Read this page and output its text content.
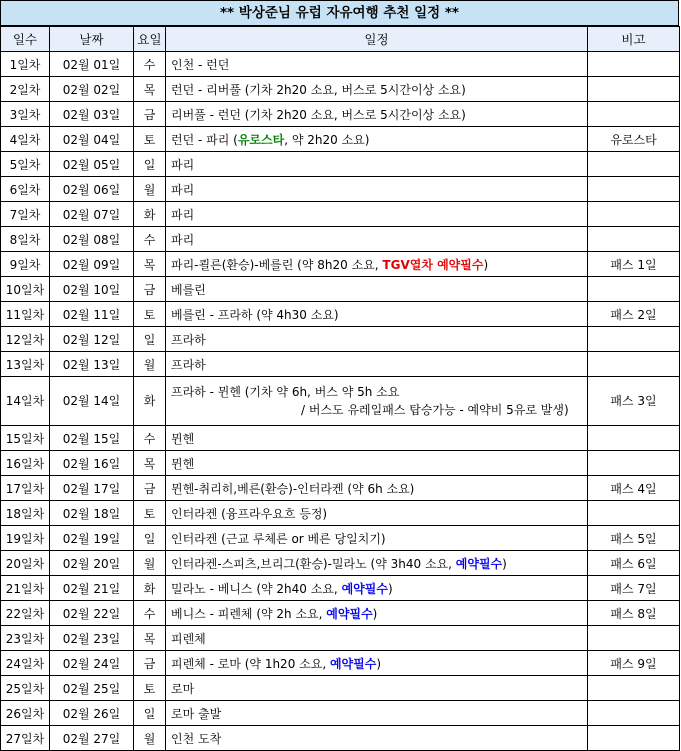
** 박상준님 유럽 자유여행 추천 일정 **
일수	날짜	요일	일정	비고
1일차	02월 01일	수	인천 - 런던	
2일차	02월 02일	목	런던 - 리버풀 (기차 2h20 소요, 버스로 5시간이상 소요)	
3일차	02월 03일	금	리버풀 - 런던 (기차 2h20 소요, 버스로 5시간이상 소요)	
4일차	02월 04일	토	런던 - 파리 (유로스타, 약 2h20 소요)	유로스타
5일차	02월 05일	일	파리	
6일차	02월 06일	월	파리	
7일차	02월 07일	화	파리	
8일차	02월 08일	수	파리	
9일차	02월 09일	목	파리-쾰른(환승)-베를린 (약 8h20 소요, TGV열차 예약필수)	패스 1일
10일차	02월 10일	금	베를린	
11일차	02월 11일	토	베를린 - 프라하 (약 4h30 소요)	패스 2일
12일차	02월 12일	일	프라하	
13일차	02월 13일	월	프라하	
14일차	02월 14일	화	프라하 - 뮌헨 (기차 약 6h, 버스 약 5h 소요
/ 버스도 유레일패스 탑승가능 - 예약비 5유로 발생)	패스 3일
15일차	02월 15일	수	뮌헨	
16일차	02월 16일	목	뮌헨	
17일차	02월 17일	금	뮌헨-취리히,베른(환승)-인터라켄 (약 6h 소요)	패스 4일
18일차	02월 18일	토	인터라켄 (융프라우요흐 등정)	
19일차	02월 19일	일	인터라켄 (근교 루체른 or 베른 당일치기)	패스 5일
20일차	02월 20일	월	인터라켄-스피츠,브리그(환승)-밀라노 (약 3h40 소요, 예약필수)	패스 6일
21일차	02월 21일	화	밀라노 - 베니스 (약 2h40 소요, 예약필수)	패스 7일
22일차	02월 22일	수	베니스 - 피렌체 (약 2h 소요, 예약필수)	패스 8일
23일차	02월 23일	목	피렌체	
24일차	02월 24일	금	피렌체 - 로마 (약 1h20 소요, 예약필수)	패스 9일
25일차	02월 25일	토	로마	
26일차	02월 26일	일	로마 출발	
27일차	02월 27일	월	인천 도착	
